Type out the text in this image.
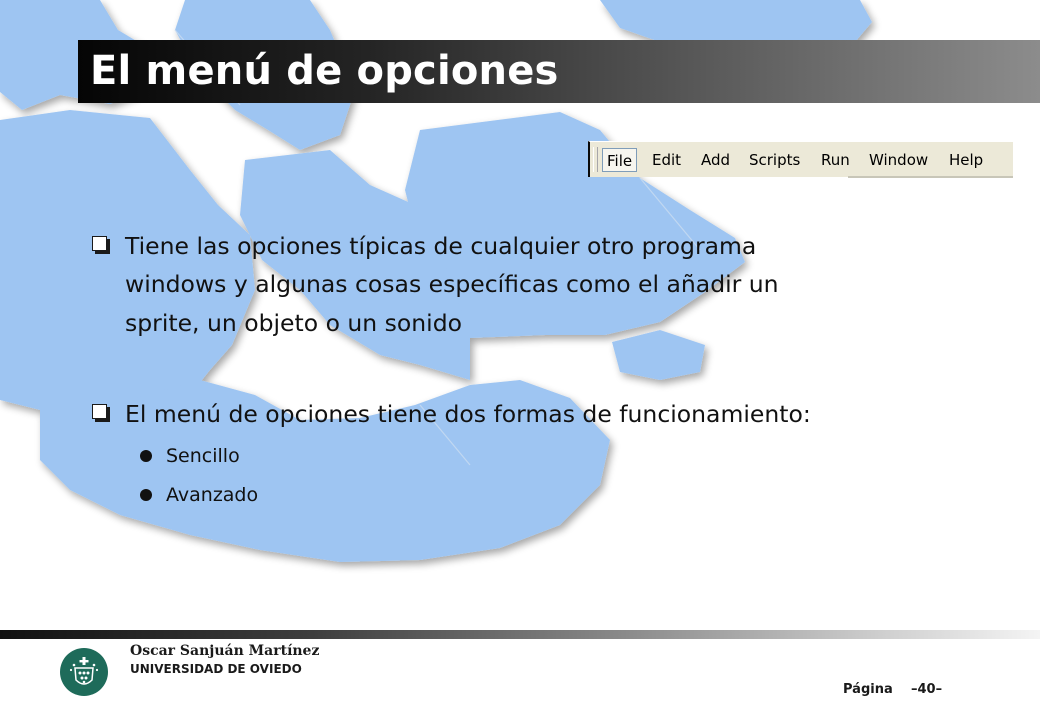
El menú de opciones
File	Edit Add Scripts Run Window Help
Tiene las opciones típicas de cualquier otro programa
windows y algunas cosas específicas como el añadir un
sprite, un objeto o un sonido
El menú de opciones tiene dos formas de funcionamiento:
Sencillo
Avanzado
Oscar Sanjuán Martínez
UNIVERSIDAD DE OVIEDO
Página –40–
